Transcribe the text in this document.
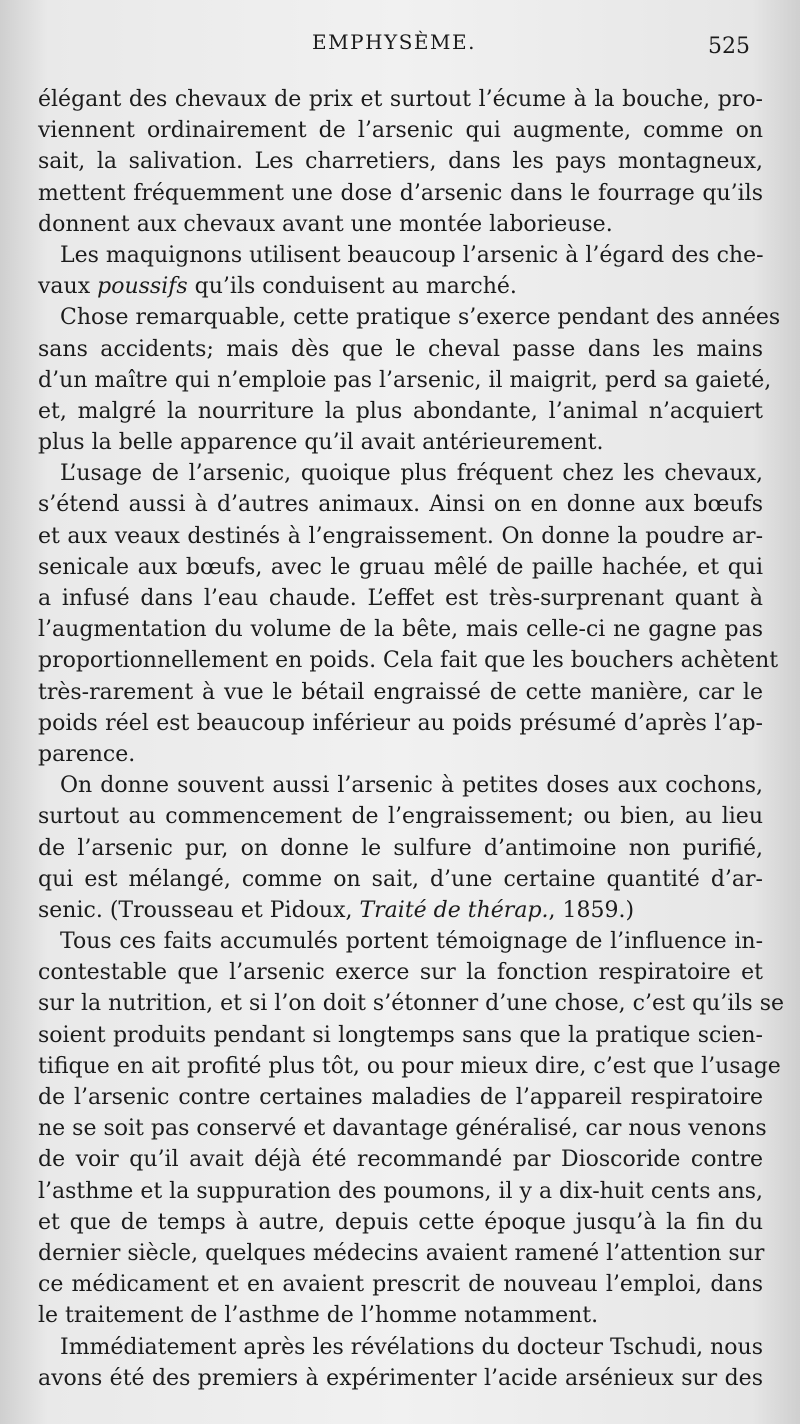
EMPHYSÈME.	525
élégant des chevaux de prix et surtout l’écume à la bouche, pro-
viennent ordinairement de l’arsenic qui augmente, comme on
sait, la salivation. Les charretiers, dans les pays montagneux,
mettent fréquemment une dose d’arsenic dans le fourrage qu’ils
donnent aux chevaux avant une montée laborieuse.
Les maquignons utilisent beaucoup l’arsenic à l’égard des che-
vaux poussifs qu’ils conduisent au marché.
Chose remarquable, cette pratique s’exerce pendant des années
sans accidents; mais dès que le cheval passe dans les mains
d’un maître qui n’emploie pas l’arsenic, il maigrit, perd sa gaieté,
et, malgré la nourriture la plus abondante, l’animal n’acquiert
plus la belle apparence qu’il avait antérieurement.
L’usage de l’arsenic, quoique plus fréquent chez les chevaux,
s’étend aussi à d’autres animaux. Ainsi on en donne aux bœufs
et aux veaux destinés à l’engraissement. On donne la poudre ar-
senicale aux bœufs, avec le gruau mêlé de paille hachée, et qui
a infusé dans l’eau chaude. L’effet est très-surprenant quant à
l’augmentation du volume de la bête, mais celle-ci ne gagne pas
proportionnellement en poids. Cela fait que les bouchers achètent
très-rarement à vue le bétail engraissé de cette manière, car le
poids réel est beaucoup inférieur au poids présumé d’après l’ap-
parence.
On donne souvent aussi l’arsenic à petites doses aux cochons,
surtout au commencement de l’engraissement; ou bien, au lieu
de l’arsenic pur, on donne le sulfure d’antimoine non purifié,
qui est mélangé, comme on sait, d’une certaine quantité d’ar-
senic. (Trousseau et Pidoux, Traité de thérap., 1859.)
Tous ces faits accumulés portent témoignage de l’influence in-
contestable que l’arsenic exerce sur la fonction respiratoire et
sur la nutrition, et si l’on doit s’étonner d’une chose, c’est qu’ils se
soient produits pendant si longtemps sans que la pratique scien-
tifique en ait profité plus tôt, ou pour mieux dire, c’est que l’usage
de l’arsenic contre certaines maladies de l’appareil respiratoire
ne se soit pas conservé et davantage généralisé, car nous venons
de voir qu’il avait déjà été recommandé par Dioscoride contre
l’asthme et la suppuration des poumons, il y a dix-huit cents ans,
et que de temps à autre, depuis cette époque jusqu’à la fin du
dernier siècle, quelques médecins avaient ramené l’attention sur
ce médicament et en avaient prescrit de nouveau l’emploi, dans
le traitement de l’asthme de l’homme notamment.
Immédiatement après les révélations du docteur Tschudi, nous
avons été des premiers à expérimenter l’acide arsénieux sur des
